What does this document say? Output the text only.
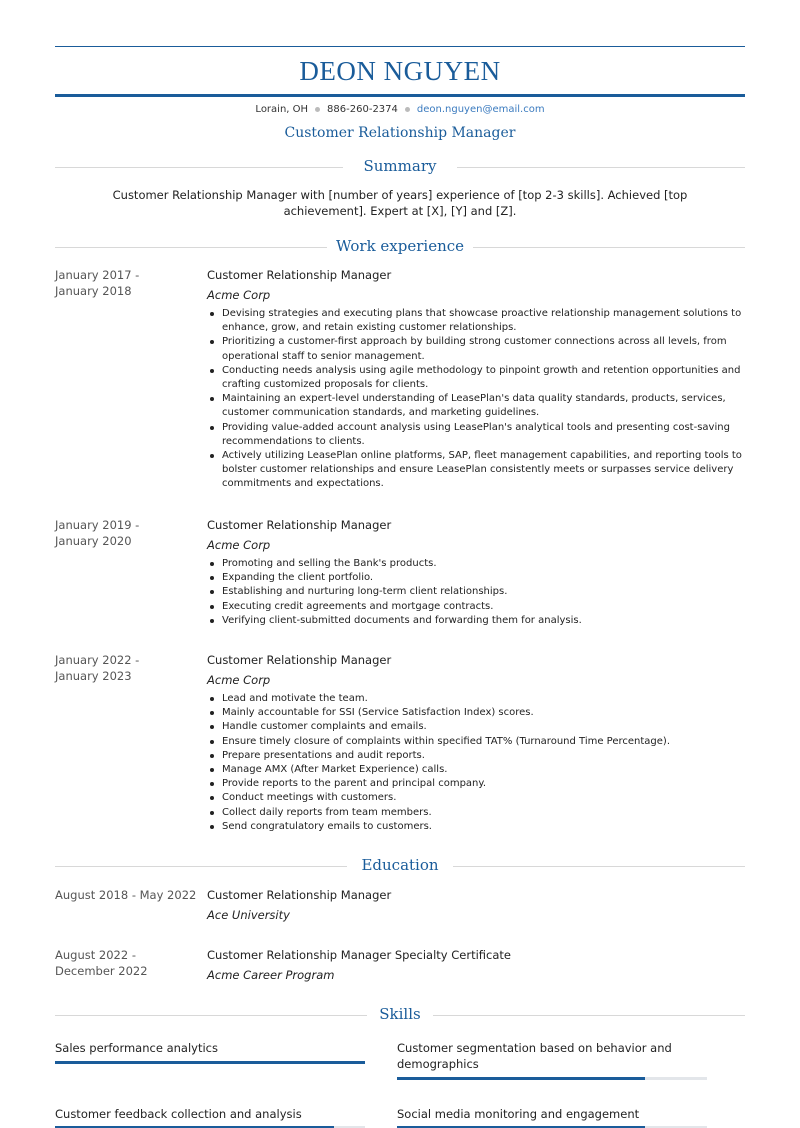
DEON NGUYEN
Lorain, OH 886-260-2374 deon.nguyen@email.com
Customer Relationship Manager
Summary
Customer Relationship Manager with [number of years] experience of [top 2-3 skills]. Achieved [top achievement]. Expert at [X], [Y] and [Z].
Work experience
January 2017 -
January 2018
Customer Relationship Manager
Acme Corp
Devising strategies and executing plans that showcase proactive relationship management solutions to enhance, grow, and retain existing customer relationships.
Prioritizing a customer-first approach by building strong customer connections across all levels, from operational staff to senior management.
Conducting needs analysis using agile methodology to pinpoint growth and retention opportunities and crafting customized proposals for clients.
Maintaining an expert-level understanding of LeasePlan's data quality standards, products, services, customer communication standards, and marketing guidelines.
Providing value-added account analysis using LeasePlan's analytical tools and presenting cost-saving recommendations to clients.
Actively utilizing LeasePlan online platforms, SAP, fleet management capabilities, and reporting tools to bolster customer relationships and ensure LeasePlan consistently meets or surpasses service delivery commitments and expectations.
January 2019 -
January 2020
Customer Relationship Manager
Acme Corp
Promoting and selling the Bank's products.
Expanding the client portfolio.
Establishing and nurturing long-term client relationships.
Executing credit agreements and mortgage contracts.
Verifying client-submitted documents and forwarding them for analysis.
January 2022 -
January 2023
Customer Relationship Manager
Acme Corp
Lead and motivate the team.
Mainly accountable for SSI (Service Satisfaction Index) scores.
Handle customer complaints and emails.
Ensure timely closure of complaints within specified TAT% (Turnaround Time Percentage).
Prepare presentations and audit reports.
Manage AMX (After Market Experience) calls.
Provide reports to the parent and principal company.
Conduct meetings with customers.
Collect daily reports from team members.
Send congratulatory emails to customers.
Education
August 2018 - May 2022 Customer Relationship Manager
Ace University
August 2022 -
December 2022
Customer Relationship Manager Specialty Certificate
Acme Career Program
Skills
Sales performance analytics	Customer segmentation based on behavior and demographics
Customer feedback collection and analysis	Social media monitoring and engagement
